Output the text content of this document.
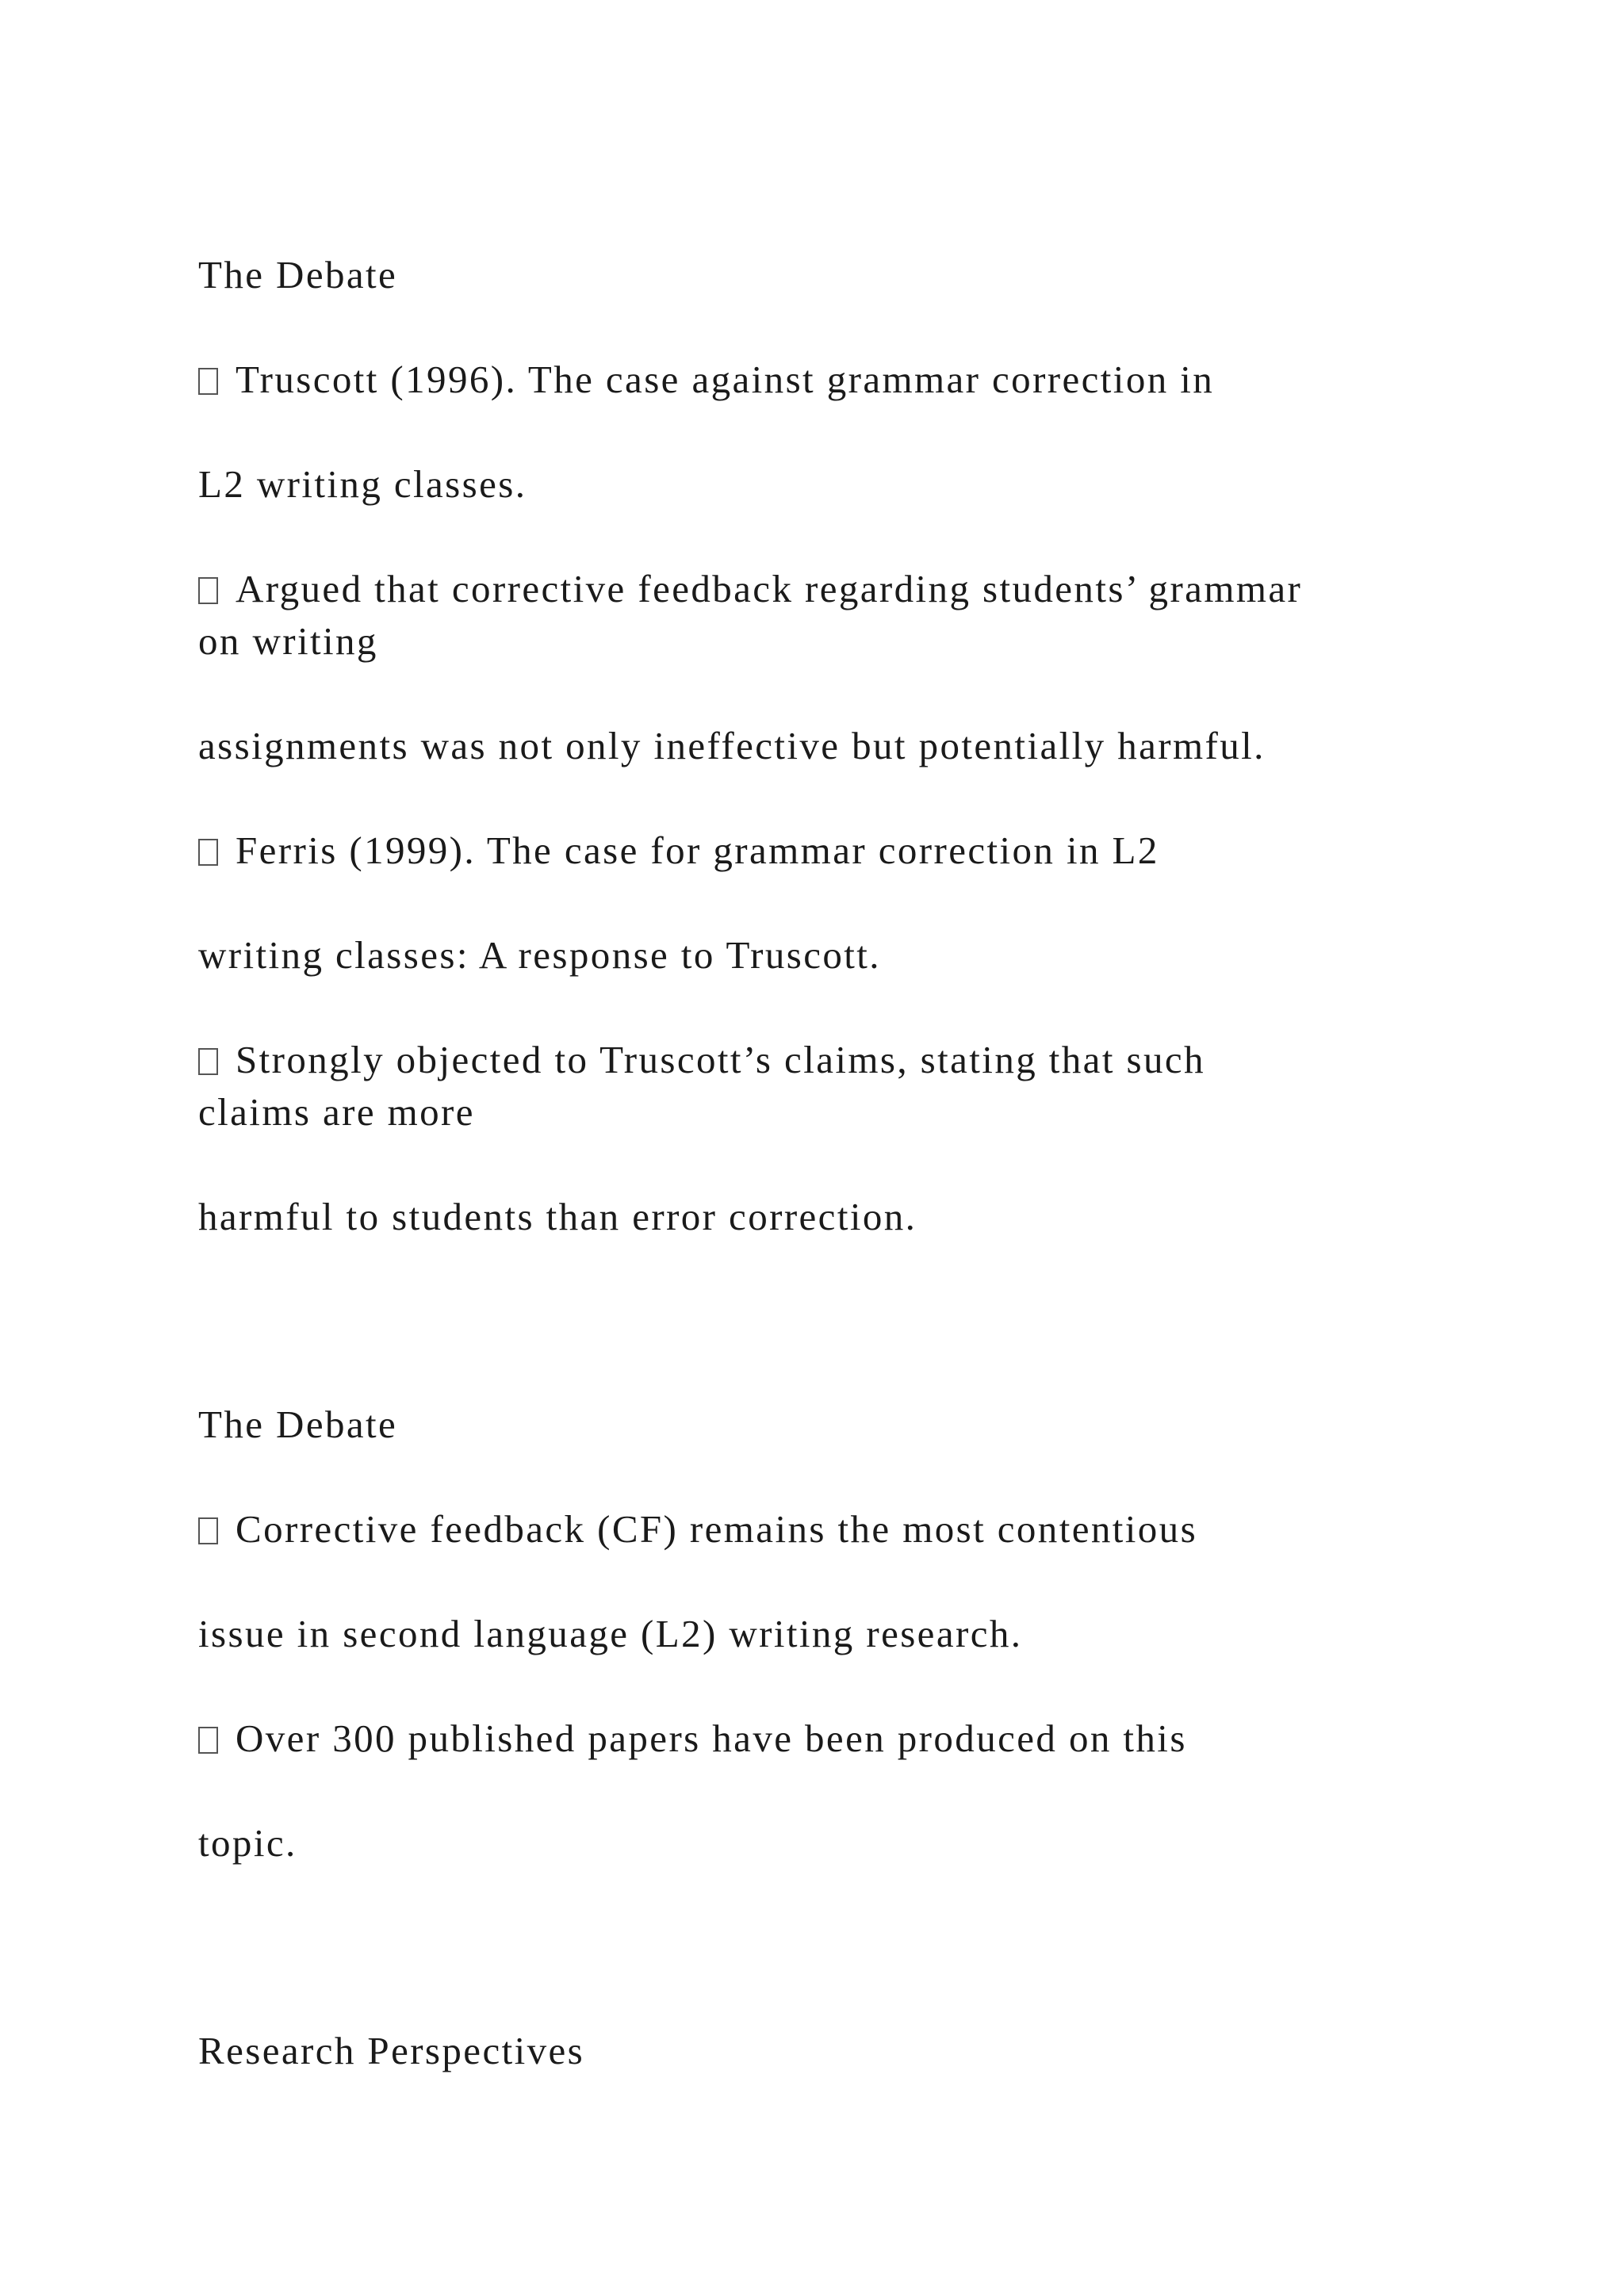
The Debate
Truscott (1996). The case against grammar correction in
L2 writing classes.
Argued that corrective feedback regarding students’ grammar
on writing
assignments was not only ineffective but potentially harmful.
Ferris (1999). The case for grammar correction in L2
writing classes: A response to Truscott.
Strongly objected to Truscott’s claims, stating that such
claims are more
harmful to students than error correction.
The Debate
Corrective feedback (CF) remains the most contentious
issue in second language (L2) writing research.
Over 300 published papers have been produced on this
topic.
Research Perspectives
